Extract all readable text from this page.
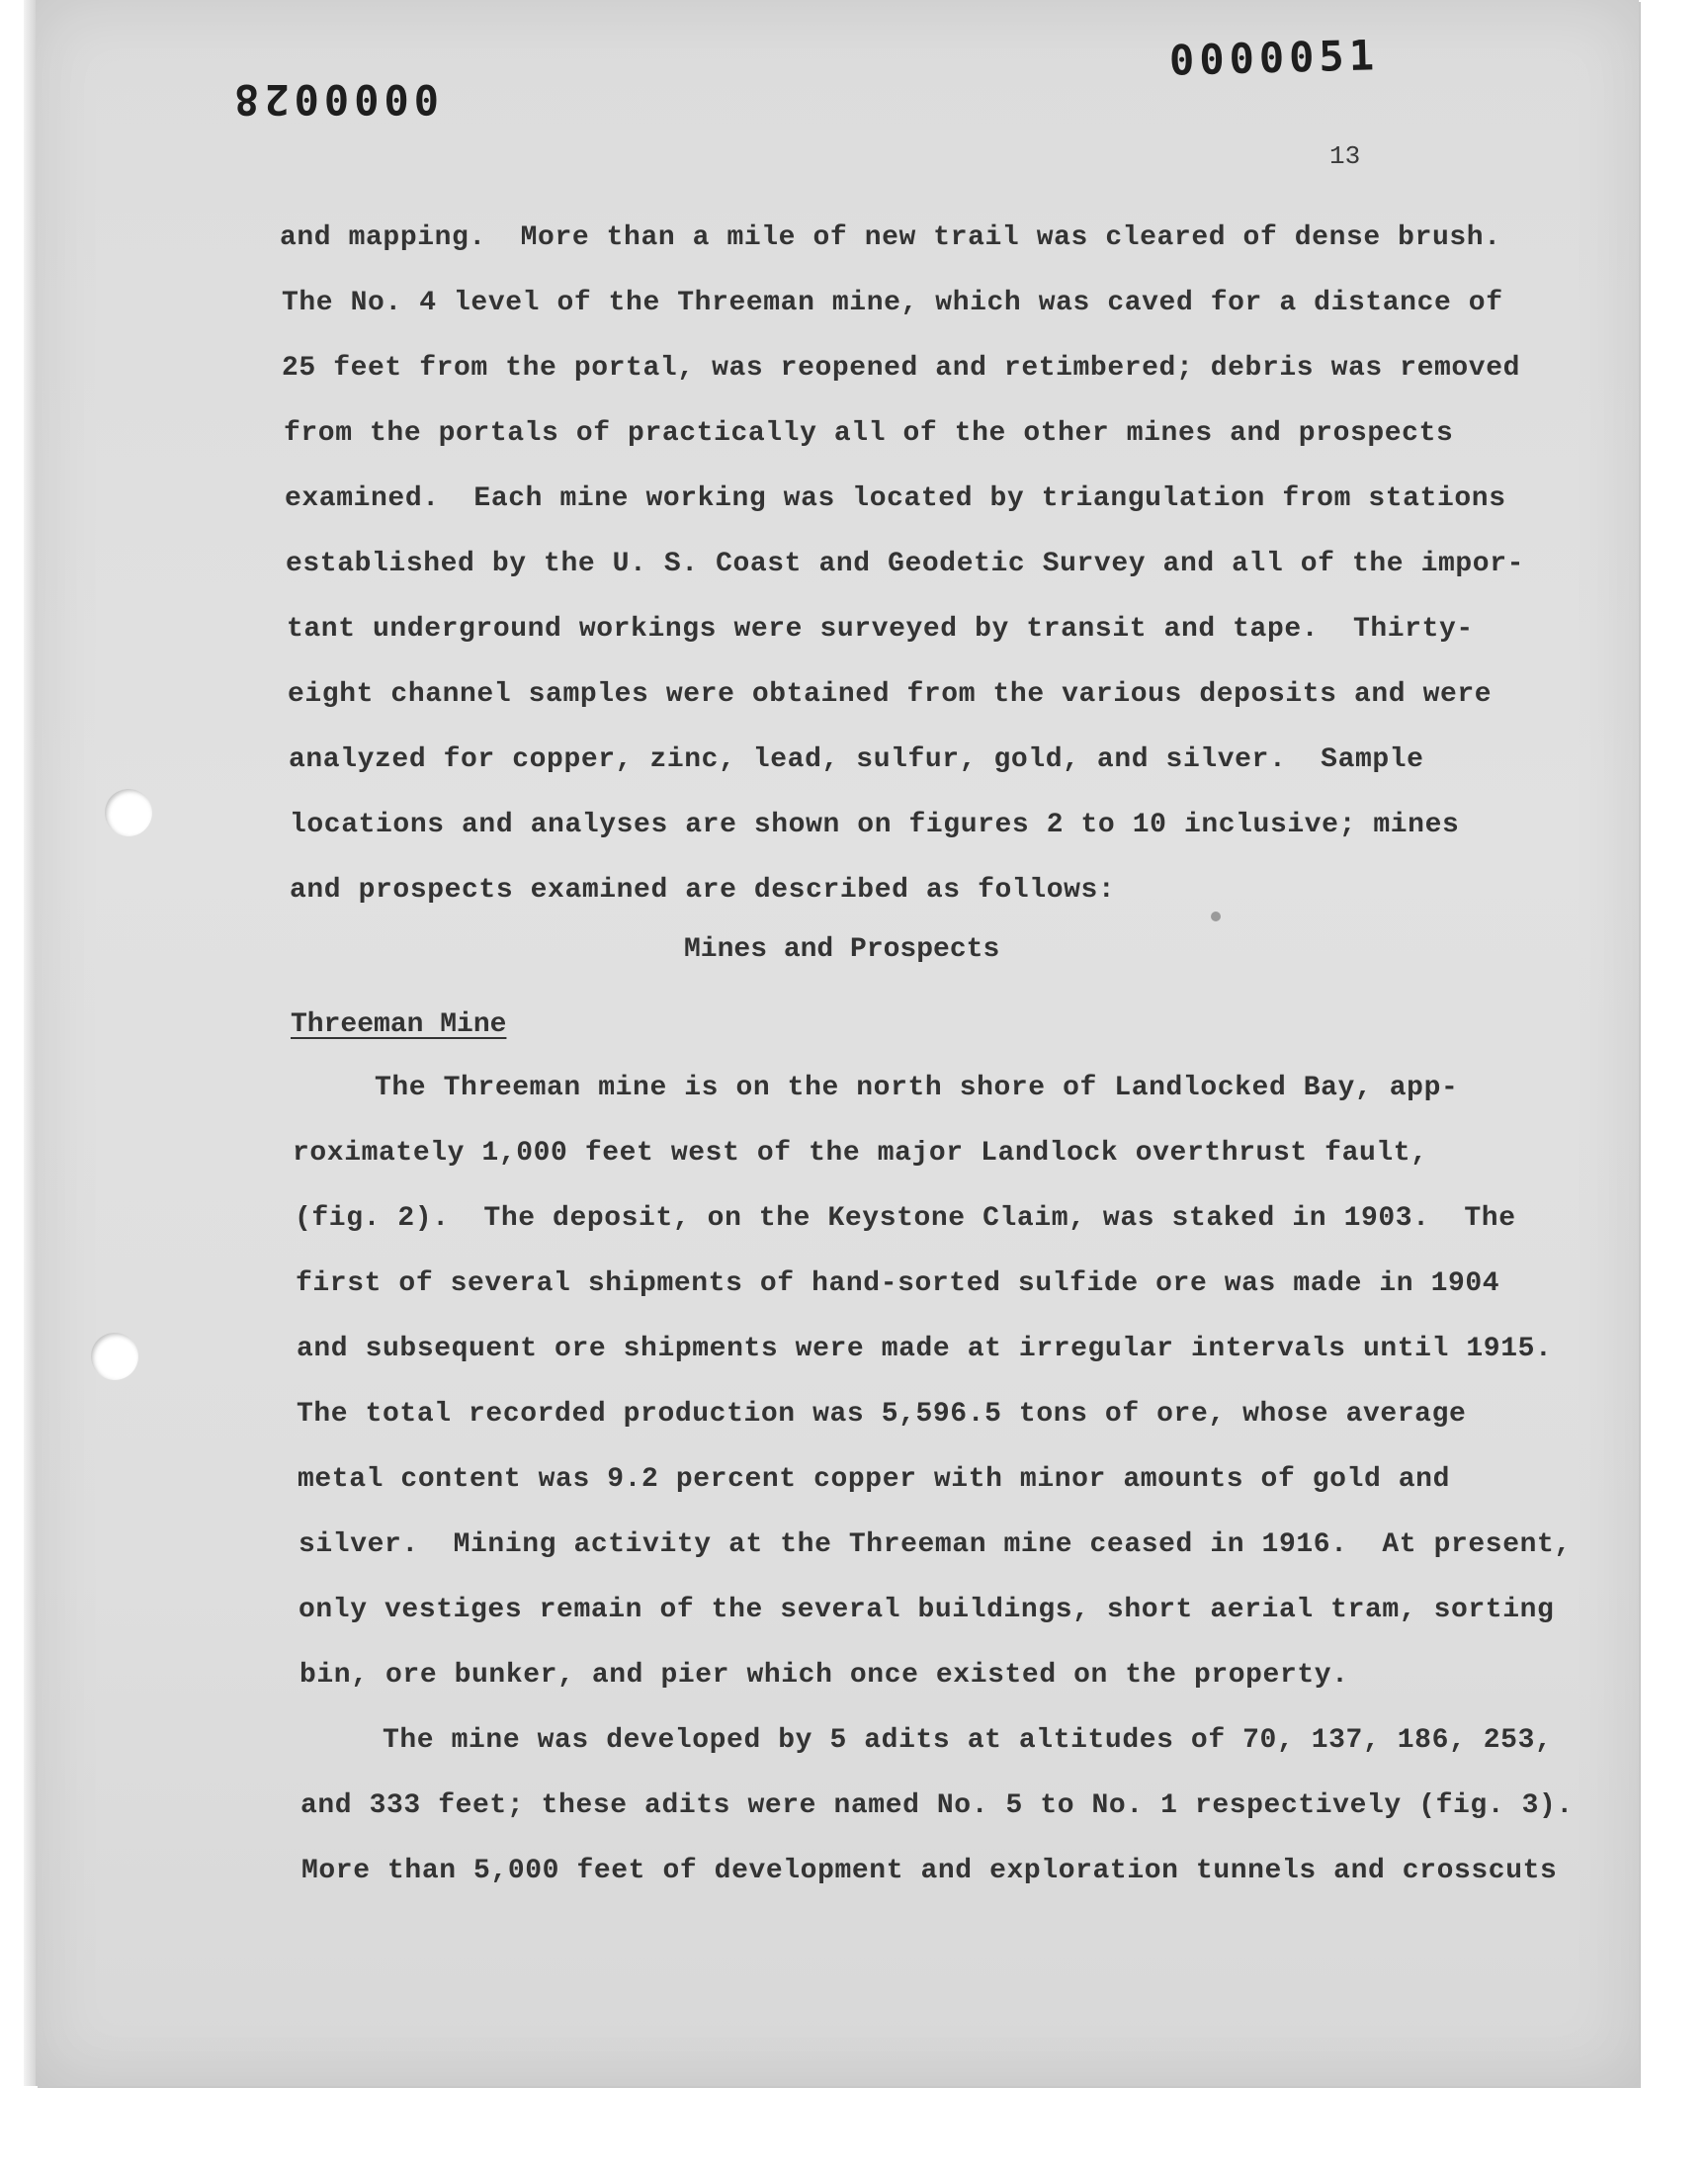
0000028
0000051
13
and mapping.  More than a mile of new trail was cleared of dense brush.
The No. 4 level of the Threeman mine, which was caved for a distance of
25 feet from the portal, was reopened and retimbered; debris was removed
from the portals of practically all of the other mines and prospects
examined.  Each mine working was located by triangulation from stations
established by the U. S. Coast and Geodetic Survey and all of the impor-
tant underground workings were surveyed by transit and tape.  Thirty-
eight channel samples were obtained from the various deposits and were
analyzed for copper, zinc, lead, sulfur, gold, and silver.  Sample
locations and analyses are shown on figures 2 to 10 inclusive; mines
and prospects examined are described as follows:
Mines and Prospects
Threeman Mine
The Threeman mine is on the north shore of Landlocked Bay, app-
roximately 1,000 feet west of the major Landlock overthrust fault,
(fig. 2).  The deposit, on the Keystone Claim, was staked in 1903.  The
first of several shipments of hand-sorted sulfide ore was made in 1904
and subsequent ore shipments were made at irregular intervals until 1915.
The total recorded production was 5,596.5 tons of ore, whose average
metal content was 9.2 percent copper with minor amounts of gold and
silver.  Mining activity at the Threeman mine ceased in 1916.  At present,
only vestiges remain of the several buildings, short aerial tram, sorting
bin, ore bunker, and pier which once existed on the property.
The mine was developed by 5 adits at altitudes of 70, 137, 186, 253,
and 333 feet; these adits were named No. 5 to No. 1 respectively (fig. 3).
More than 5,000 feet of development and exploration tunnels and crosscuts
